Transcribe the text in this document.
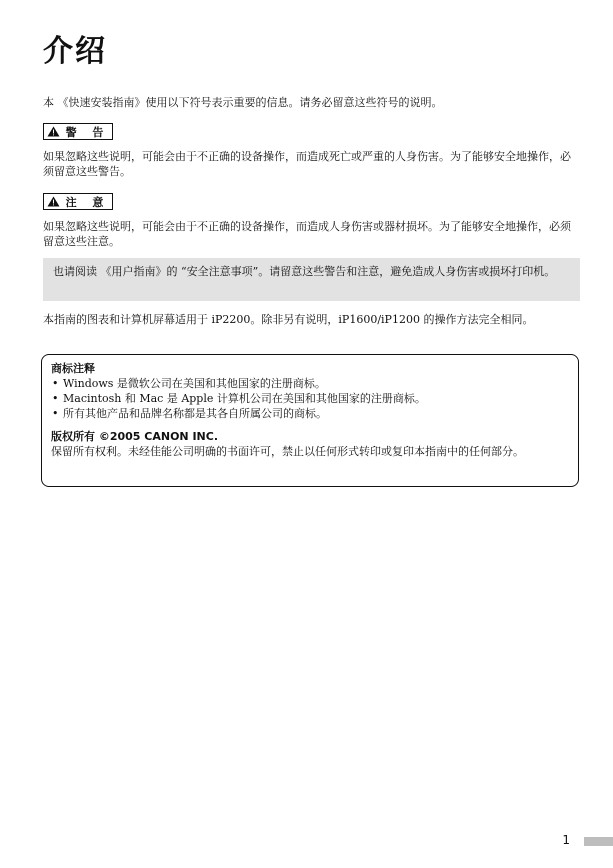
介绍

本 《快速安装指南》使用以下符号表示重要的信息。请务必留意这些符号的说明。

警 告

如果忽略这些说明，可能会由于不正确的设备操作，而造成死亡或严重的人身伤害。为了能够安全地操作，必须留意这些警告。

注 意

如果忽略这些说明，可能会由于不正确的设备操作，而造成人身伤害或器材损坏。为了能够安全地操作，必须留意这些注意。

也请阅读 《用户指南》的 “安全注意事项”。请留意这些警告和注意，避免造成人身伤害或损坏打印机。

本指南的图表和计算机屏幕适用于 iP2200。除非另有说明，iP1600/iP1200 的操作方法完全相同。

商标注释
• Windows 是微软公司在美国和其他国家的注册商标。
• Macintosh 和 Mac 是 Apple 计算机公司在美国和其他国家的注册商标。
• 所有其他产品和品牌名称都是其各自所属公司的商标。
版权所有 ©2005 CANON INC.
保留所有权利。未经佳能公司明确的书面许可，禁止以任何形式转印或复印本指南中的任何部分。
1
